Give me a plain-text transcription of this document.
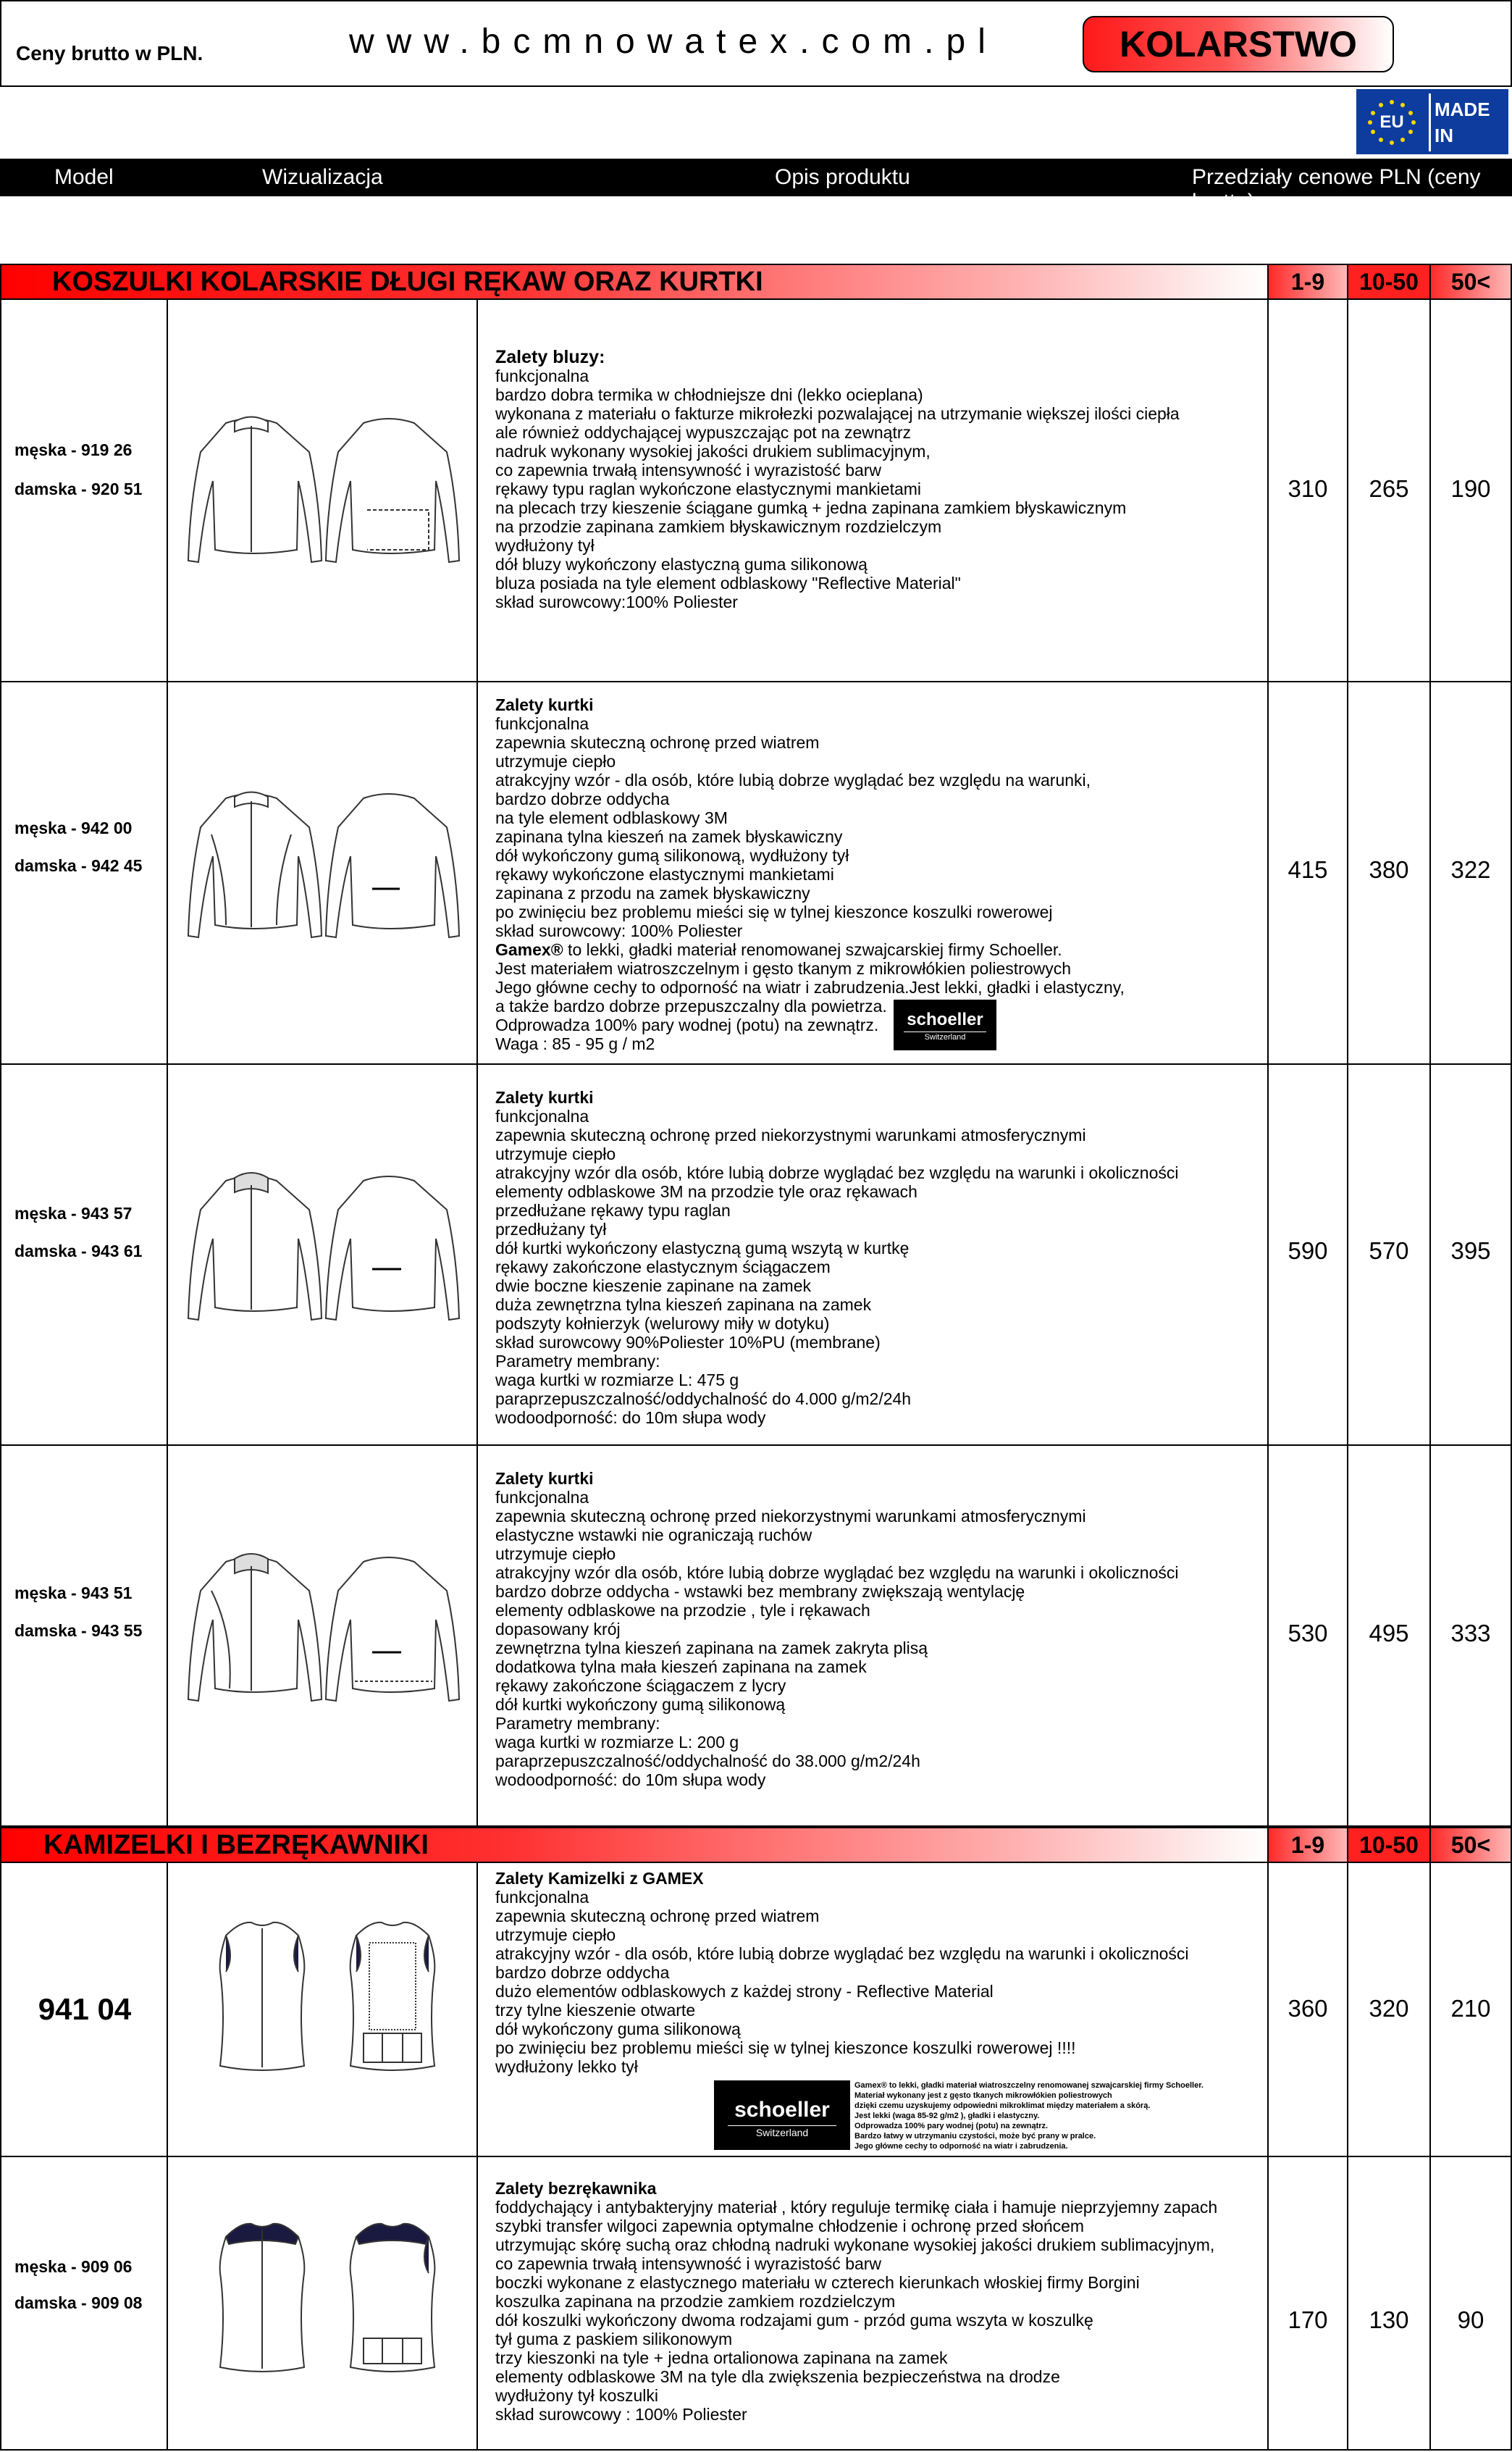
Ceny brutto w PLN.	www.bcmnowatex.com.pl	KOLARSTWO
EU
MADE IN
Model	Wizualizacja	Opis produktu	Przedziały cenowe PLN (ceny brutto)
KOSZULKI KOLARSKIE DŁUGI RĘKAW ORAZ KURTKI	1-9	10-50	50<
męska - 919 26
damska - 920 51

Zalety bluzy:

funkcjonalna

bardzo dobra termika w chłodniejsze dni (lekko ocieplana)

wykonana z materiału o fakturze mikrołezki pozwalającej na utrzymanie większej ilości ciepła

ale również oddychającej wypuszczając pot na zewnątrz

nadruk wykonany wysokiej jakości drukiem sublimacyjnym,

co zapewnia trwałą intensywność i wyrazistość barw

rękawy typu raglan wykończone elastycznymi mankietami

na plecach trzy kieszenie ściągane gumką + jedna zapinana zamkiem błyskawicznym

na przodzie zapinana zamkiem błyskawicznym rozdzielczym

wydłużony tył

dół bluzy wykończony elastyczną guma silikonową

bluza posiada na tyle element odblaskowy "Reflective Material"

skład surowcowy:100% Poliester

310	265	190
męska - 942 00
damska - 942 45

Zalety kurtki

funkcjonalna

zapewnia skuteczną ochronę przed wiatrem

utrzymuje ciepło

atrakcyjny wzór - dla osób, które lubią dobrze wyglądać bez względu na warunki,

bardzo dobrze oddycha

na tyle element odblaskowy 3M

zapinana tylna kieszeń na zamek błyskawiczny

dół wykończony gumą silikonową, wydłużony tył

rękawy wykończone elastycznymi mankietami

zapinana z przodu na zamek błyskawiczny

po zwinięciu bez problemu mieści się w tylnej kieszonce koszulki rowerowej

skład surowcowy: 100% Poliester

Gamex® to lekki, gładki materiał renomowanej szwajcarskiej firmy Schoeller.

Jest materiałem wiatroszczelnym i gęsto tkanym z mikrowłókien poliestrowych

Jego główne cechy to odporność na wiatr i zabrudzenia.Jest lekki, gładki i elastyczny,

a także bardzo dobrze przepuszczalny dla powietrza.

Odprowadza 100% pary wodnej (potu) na zewnątrz.

Waga : 85 - 95 g / m2

schoeller
Switzerland
415	380	322
męska - 943 57
damska - 943 61

Zalety kurtki

funkcjonalna

zapewnia skuteczną ochronę przed niekorzystnymi warunkami atmosferycznymi

utrzymuje ciepło

atrakcyjny wzór dla osób, które lubią dobrze wyglądać bez względu na warunki i okoliczności

elementy odblaskowe 3M na przodzie tyle oraz rękawach

przedłużane rękawy typu raglan

przedłużany tył

dół kurtki wykończony elastyczną gumą wszytą w kurtkę

rękawy zakończone elastycznym ściągaczem

dwie boczne kieszenie zapinane na zamek

duża zewnętrzna tylna kieszeń zapinana na zamek

podszyty kołnierzyk (welurowy miły w dotyku)

skład surowcowy 90%Poliester 10%PU (membrane)

Parametry membrany:

waga kurtki w rozmiarze L: 475 g

paraprzepuszczalność/oddychalność do 4.000 g/m2/24h

wodoodporność: do 10m słupa wody

590	570	395
męska - 943 51
damska - 943 55

Zalety kurtki

funkcjonalna

zapewnia skuteczną ochronę przed niekorzystnymi warunkami atmosferycznymi

elastyczne wstawki nie ograniczają ruchów

utrzymuje ciepło

atrakcyjny wzór dla osób, które lubią dobrze wyglądać bez względu na warunki i okoliczności

bardzo dobrze oddycha - wstawki bez membrany zwiększają wentylację

elementy odblaskowe na przodzie , tyle i rękawach

dopasowany krój

zewnętrzna tylna kieszeń zapinana na zamek zakryta plisą

dodatkowa tylna mała kieszeń zapinana na zamek

rękawy zakończone ściągaczem z lycry

dół kurtki wykończony gumą silikonową

Parametry membrany:

waga kurtki w rozmiarze L: 200 g

paraprzepuszczalność/oddychalność do 38.000 g/m2/24h

wodoodporność: do 10m słupa wody

530	495	333
KAMIZELKI I BEZRĘKAWNIKI	1-9	10-50	50<
941 04

Zalety Kamizelki z GAMEX

funkcjonalna

zapewnia skuteczną ochronę przed wiatrem

utrzymuje ciepło

atrakcyjny wzór - dla osób, które lubią dobrze wyglądać bez względu na warunki i okoliczności

bardzo dobrze oddycha

dużo elementów odblaskowych z każdej strony - Reflective Material

trzy tylne kieszenie otwarte

dół wykończony guma silikonową

po zwinięciu bez problemu mieści się w tylnej kieszonce koszulki rowerowej !!!!

wydłużony lekko tył

schoeller
Switzerland
Gamex® to lekki, gładki materiał wiatroszczelny renomowanej szwajcarskiej firmy Schoeller.
Materiał wykonany jest z gęsto tkanych mikrowłókien poliestrowych
dzięki czemu uzyskujemy odpowiedni mikroklimat między materiałem a skórą.
Jest lekki (waga 85-92 g/m2 ), gładki i elastyczny.
Odprowadza 100% pary wodnej (potu) na zewnątrz.
Bardzo łatwy w utrzymaniu czystości, może być prany w pralce.
Jego główne cechy to odporność na wiatr i zabrudzenia.
360	320	210
męska - 909 06
damska - 909 08

Zalety bezrękawnika

foddychający i antybakteryjny materiał , który reguluje termikę ciała i hamuje nieprzyjemny zapach

szybki transfer wilgoci zapewnia optymalne chłodzenie i ochronę przed słońcem

utrzymując skórę suchą oraz chłodną nadruki wykonane wysokiej jakości drukiem sublimacyjnym,

co zapewnia trwałą intensywność i wyrazistość barw

boczki wykonane z elastycznego materiału w czterech kierunkach włoskiej firmy Borgini

koszulka zapinana na przodzie zamkiem rozdzielczym

dół koszulki wykończony dwoma rodzajami gum - przód guma wszyta w koszulkę

tył guma z paskiem silikonowym

trzy kieszonki na tyle + jedna ortalionowa zapinana na zamek

elementy odblaskowe 3M na tyle dla zwiększenia bezpieczeństwa na drodze

wydłużony tył koszulki

skład surowcowy : 100% Poliester

170	130	90
